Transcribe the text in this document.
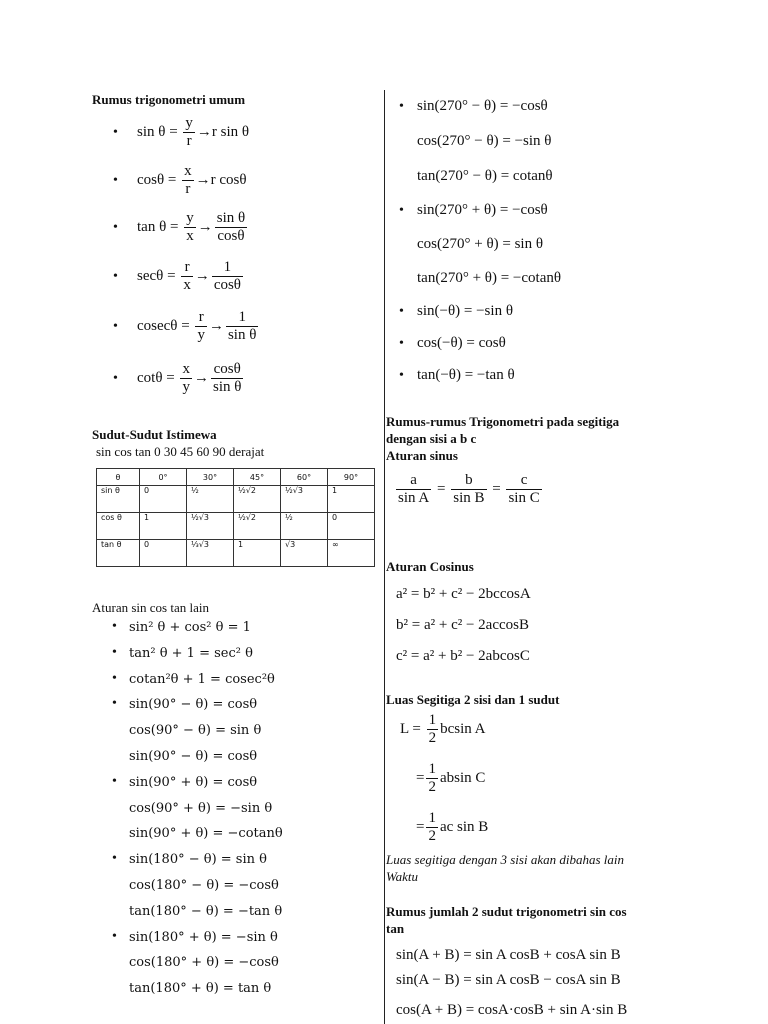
Rumus trigonometri umum
• $\sin \theta = \frac{y}{r} \to r$ sin θ
• $\cos\theta = \frac{x}{r} \to r$ cosθ
• $\tan \theta = \frac{y}{x} \to \frac{\text{sin θ}}{\cos\theta}$
• $\sec\theta = \frac{r}{x} \to \frac{1}{\cos\theta}$
• $cosec\theta = \frac{r}{y} \to \frac{1}{\text{sin θ}}$
• $\cot\theta = \frac{x}{y} \to \frac{\cos\theta}{\text{sin θ}}$
Sudut-Sudut Istimewa
sin cos tan 0 30 45 60 90 derajat
θ	0°	30°	45°	60°	90°
sin θ	0	½	½√2	½√3	1
cos θ	1	½√3	½√2	½	0
tan θ	0	⅓√3	1	√3	∞
Aturan sin cos tan lain
• sin² θ + cos² θ = 1
• tan² θ + 1 = sec² θ
• cotan²θ + 1 = cosec²θ
• sin(90° − θ) = cosθ
cos(90° − θ) = sin θ
sin(90° − θ) = cosθ
• sin(90° + θ) = cosθ
cos(90° + θ) = −sin θ
sin(90° + θ) = −cotanθ
• sin(180° − θ) = sin θ
cos(180° − θ) = −cosθ
tan(180° − θ) = −tan θ
• sin(180° + θ) = −sin θ
cos(180° + θ) = −cosθ
tan(180° + θ) = tan θ
• sin(270° − θ) = −cosθ
cos(270° − θ) = −sin θ
tan(270° − θ) = cotanθ
• sin(270° + θ) = −cosθ
cos(270° + θ) = sin θ
tan(270° + θ) = −cotanθ
• sin(−θ) = −sin θ
• cos(−θ) = cosθ
• tan(−θ) = −tan θ
Rumus-rumus Trigonometri pada segitiga
dengan sisi a b c
Aturan sinus
$\frac{a}{\text{sin A}} = \frac{b}{\text{sin B}} = \frac{c}{\text{sin C}}$
Aturan Cosinus
a² = b² + c² − 2bccosA
b² = a² + c² − 2accosB
c² = a² + b² − 2abcosC
Luas Segitiga 2 sisi dan 1 sudut
$L = \frac{1}{2}$ bcsin A
= $\frac{1}{2}$ absin C
= $\frac{1}{2}$ ac sin B
Luas segitiga dengan 3 sisi akan dibahas lain
Waktu
Rumus jumlah 2 sudut trigonometri sin cos
tan
sin(A + B) = sin A cosB + cosA sin B
sin(A − B) = sin A cosB − cosA sin B
cos(A + B) = cosA·cosB + sin A·sin B
